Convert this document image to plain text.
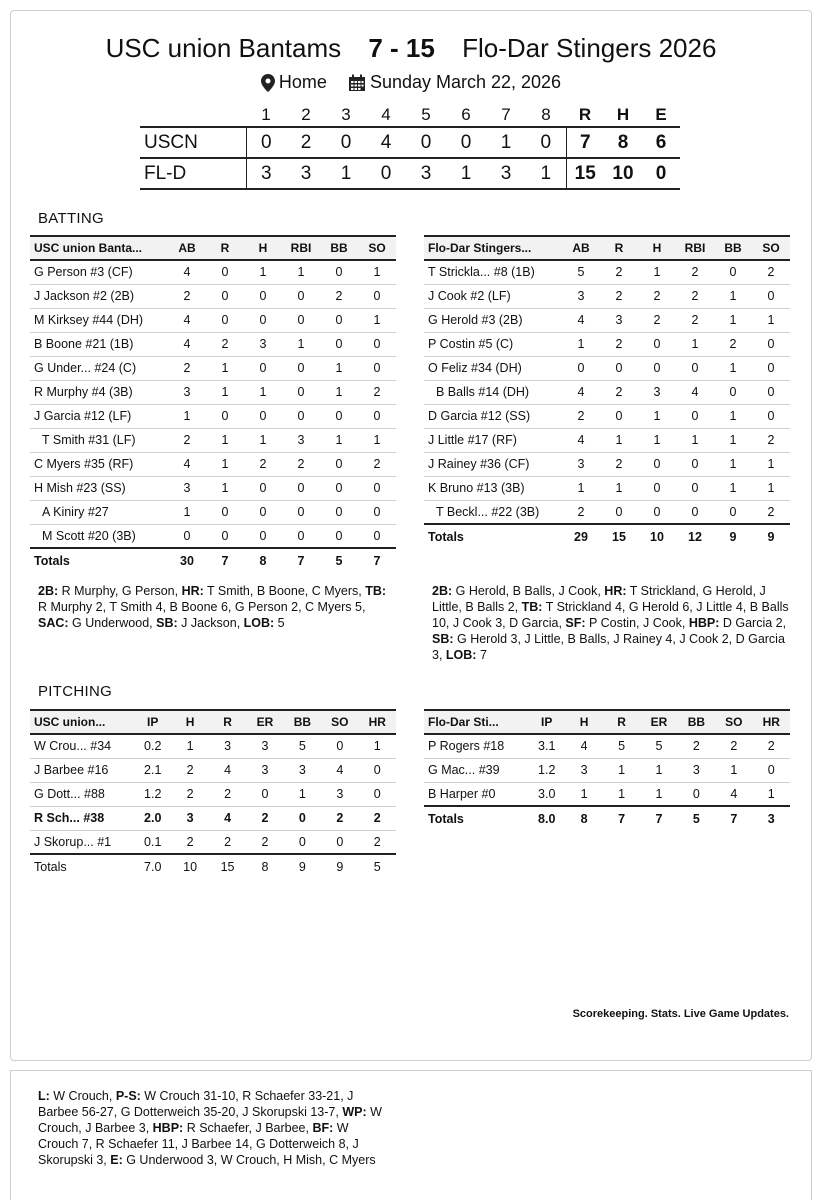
USC union Bantams 7 - 15 Flo-Dar Stingers 2026
Home
Sunday March 22, 2026
	1	2	3	4	5	6	7	8	R	H	E
USCN	0	2	0	4	0	0	1	0	7	8	6
FL-D	3	3	1	0	3	1	3	1	15	10	0
BATTING
USC union Banta...	AB	R	H	RBI	BB	SO
G Person #3 (CF)	4	0	1	1	0	1
J Jackson #2 (2B)	2	0	0	0	2	0
M Kirksey #44 (DH)	4	0	0	0	0	1
B Boone #21 (1B)	4	2	3	1	0	0
G Under... #24 (C)	2	1	0	0	1	0
R Murphy #4 (3B)	3	1	1	0	1	2
J Garcia #12 (LF)	1	0	0	0	0	0
T Smith #31 (LF)	2	1	1	3	1	1
C Myers #35 (RF)	4	1	2	2	0	2
H Mish #23 (SS)	3	1	0	0	0	0
A Kiniry #27	1	0	0	0	0	0
M Scott #20 (3B)	0	0	0	0	0	0
Totals	30	7	8	7	5	7
Flo-Dar Stingers...	AB	R	H	RBI	BB	SO
T Strickla... #8 (1B)	5	2	1	2	0	2
J Cook #2 (LF)	3	2	2	2	1	0
G Herold #3 (2B)	4	3	2	2	1	1
P Costin #5 (C)	1	2	0	1	2	0
O Feliz #34 (DH)	0	0	0	0	1	0
B Balls #14 (DH)	4	2	3	4	0	0
D Garcia #12 (SS)	2	0	1	0	1	0
J Little #17 (RF)	4	1	1	1	1	2
J Rainey #36 (CF)	3	2	0	0	1	1
K Bruno #13 (3B)	1	1	0	0	1	1
T Beckl... #22 (3B)	2	0	0	0	0	2
Totals	29	15	10	12	9	9
2B: R Murphy, G Person, HR: T Smith, B Boone, C Myers, TB: R Murphy 2, T Smith 4, B Boone 6, G Person 2, C Myers 5, SAC: G Underwood, SB: J Jackson, LOB: 5
2B: G Herold, B Balls, J Cook, HR: T Strickland, G Herold, J Little, B Balls 2, TB: T Strickland 4, G Herold 6, J Little 4, B Balls 10, J Cook 3, D Garcia, SF: P Costin, J Cook, HBP: D Garcia 2, SB: G Herold 3, J Little, B Balls, J Rainey 4, J Cook 2, D Garcia 3, LOB: 7
PITCHING
USC union...	IP	H	R	ER	BB	SO	HR
W Crou... #34	0.2	1	3	3	5	0	1
J Barbee #16	2.1	2	4	3	3	4	0
G Dott... #88	1.2	2	2	0	1	3	0
R Sch... #38	2.0	3	4	2	0	2	2
J Skorup... #1	0.1	2	2	2	0	0	2
Totals	7.0	10	15	8	9	9	5
Flo-Dar Sti...	IP	H	R	ER	BB	SO	HR
P Rogers #18	3.1	4	5	5	2	2	2
G Mac... #39	1.2	3	1	1	3	1	0
B Harper #0	3.0	1	1	1	0	4	1
Totals	8.0	8	7	7	5	7	3
Scorekeeping. Stats. Live Game Updates.
L: W Crouch, P-S: W Crouch 31-10, R Schaefer 33-21, J Barbee 56-27, G Dotterweich 35-20, J Skorupski 13-7, WP: W Crouch, J Barbee 3, HBP: R Schaefer, J Barbee, BF: W Crouch 7, R Schaefer 11, J Barbee 14, G Dotterweich 8, J Skorupski 3, E: G Underwood 3, W Crouch, H Mish, C Myers
